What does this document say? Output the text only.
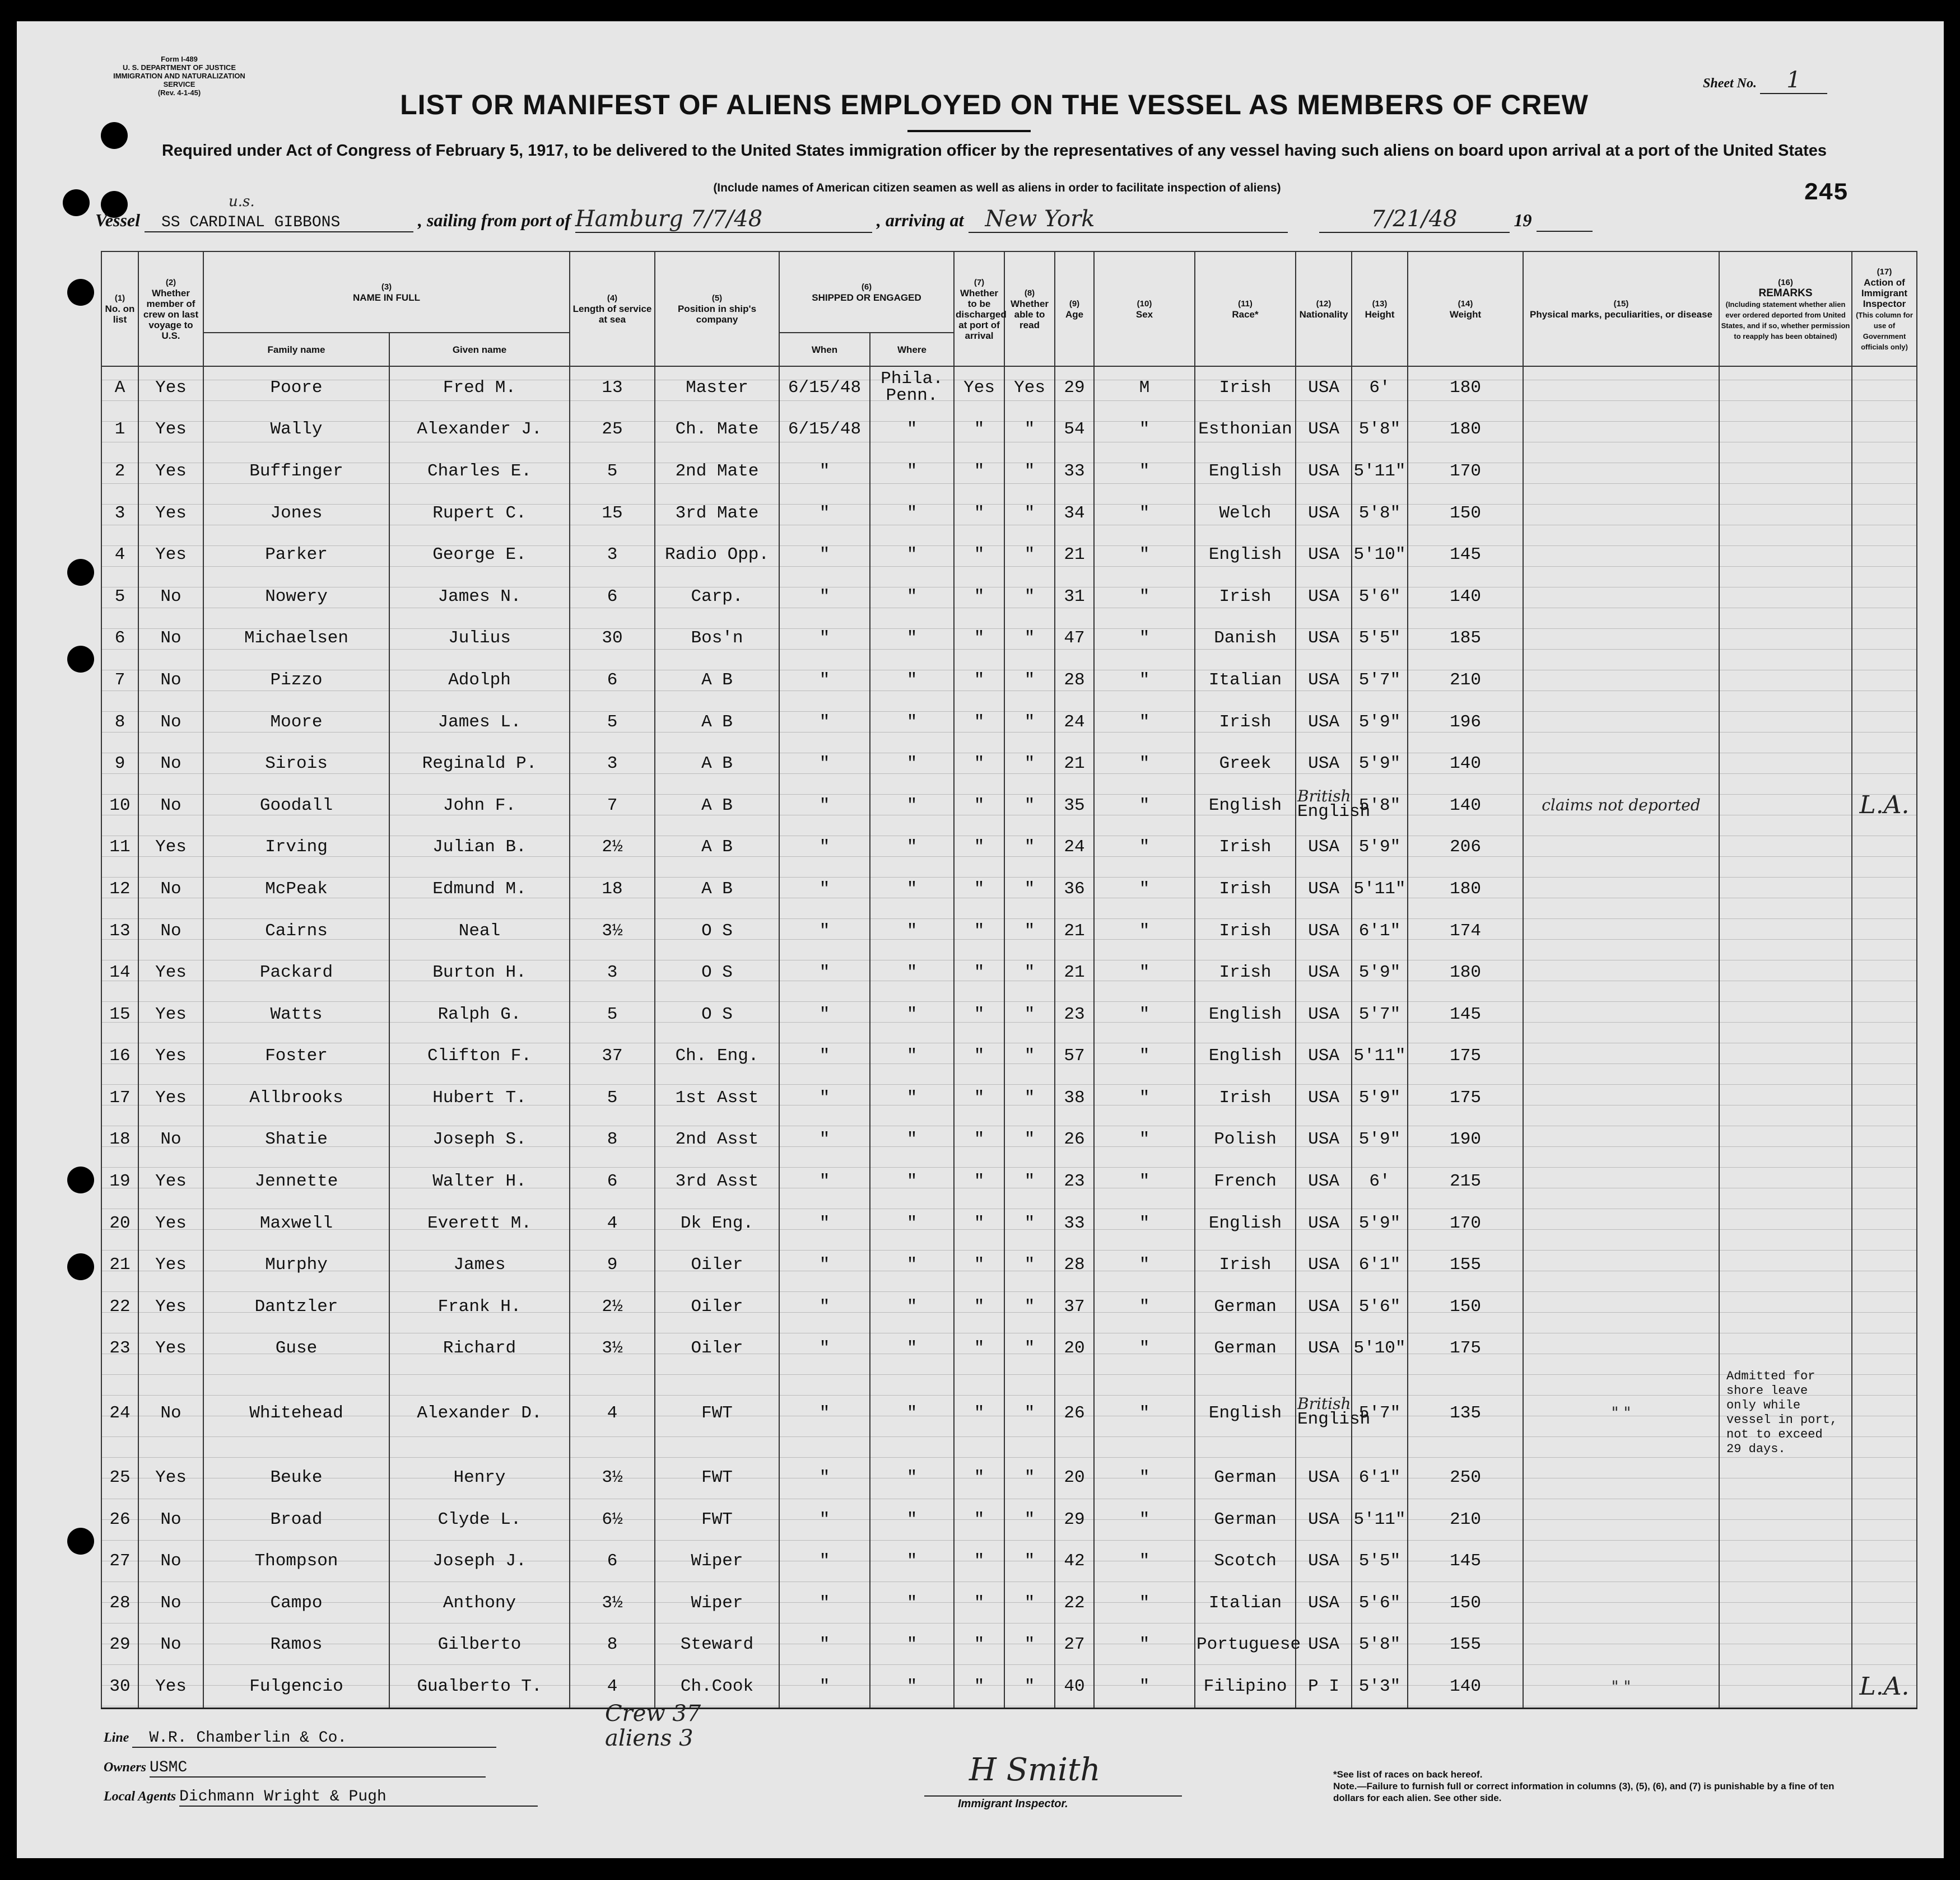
Form I-489
U. S. DEPARTMENT OF JUSTICE
IMMIGRATION AND NATURALIZATION SERVICE
(Rev. 4-1-45)
Sheet No. 1
LIST OR MANIFEST OF ALIENS EMPLOYED ON THE VESSEL AS MEMBERS OF CREW
Required under Act of Congress of February 5, 1917, to be delivered to the United States immigration officer by the representatives of any vessel having such aliens on board upon arrival at a port of the United States
(Include names of American citizen seamen as well as aliens in order to facilitate inspection of aliens)	245
Vessel
u.s.
SS CARDINAL GIBBONS	, sailing from port of Hamburg 7/7/48	, arriving at New York	7/21/48	19
(1)
No. on list	(2)
Whether member of crew on last voyage to U.S.	(3)
NAME IN FULL		(4)
Length of service at sea	(5)
Position in ship's company	(6)
SHIPPED OR ENGAGED		(7)
Whether to be discharged at port of arrival	(8)
Whether able to read	(9)
Age	(10)
Sex	(11)
Race*	(12)
Nationality	(13)
Height	(14)
Weight	(15)
Physical marks, peculiarities, or disease	(16)
REMARKS
(Including statement whether alien ever ordered deported from United States, and if so, whether permission to reapply has been obtained)	(17)
Action of Immigrant Inspector
(This column for use of Government officials only)
		Family name	Given name			When	Where											
A	Yes	Poore	Fred M.	13	Master	6/15/48	Phila. Penn.	Yes	Yes	29	M	Irish	USA	6'	180	

1	Yes	Wally	Alexander J.	25	Ch. Mate	6/15/48	"	"	"	54	"	Esthonian	USA	5'8"	180	

2	Yes	Buffinger	Charles E.	5	2nd Mate	"	"	"	"	33	"	English	USA	5'11"	170	

3	Yes	Jones	Rupert C.	15	3rd Mate	"	"	"	"	34	"	Welch	USA	5'8"	150	

4	Yes	Parker	George E.	3	Radio Opp.	"	"	"	"	21	"	English	USA	5'10"	145	

5	No	Nowery	James N.	6	Carp.	"	"	"	"	31	"	Irish	USA	5'6"	140	

6	No	Michaelsen	Julius	30	Bos'n	"	"	"	"	47	"	Danish	USA	5'5"	185	

7	No	Pizzo	Adolph	6	A B	"	"	"	"	28	"	Italian	USA	5'7"	210	

8	No	Moore	James L.	5	A B	"	"	"	"	24	"	Irish	USA	5'9"	196	

9	No	Sirois	Reginald P.	3	A B	"	"	"	"	21	"	Greek	USA	5'9"	140	

10	No	Goodall	John F.	7	A B	"	"	"	"	35	"	English	British
English	5'8"	140	claims not deported		L.A.

11	Yes	Irving	Julian B.	2½	A B	"	"	"	"	24	"	Irish	USA	5'9"	206	

12	No	McPeak	Edmund M.	18	A B	"	"	"	"	36	"	Irish	USA	5'11"	180	

13	No	Cairns	Neal	3½	O S	"	"	"	"	21	"	Irish	USA	6'1"	174	

14	Yes	Packard	Burton H.	3	O S	"	"	"	"	21	"	Irish	USA	5'9"	180	

15	Yes	Watts	Ralph G.	5	O S	"	"	"	"	23	"	English	USA	5'7"	145	

16	Yes	Foster	Clifton F.	37	Ch. Eng.	"	"	"	"	57	"	English	USA	5'11"	175	

17	Yes	Allbrooks	Hubert T.	5	1st Asst	"	"	"	"	38	"	Irish	USA	5'9"	175	

18	No	Shatie	Joseph S.	8	2nd Asst	"	"	"	"	26	"	Polish	USA	5'9"	190	

19	Yes	Jennette	Walter H.	6	3rd Asst	"	"	"	"	23	"	French	USA	6'	215	

20	Yes	Maxwell	Everett M.	4	Dk Eng.	"	"	"	"	33	"	English	USA	5'9"	170	

21	Yes	Murphy	James	9	Oiler	"	"	"	"	28	"	Irish	USA	6'1"	155	

22	Yes	Dantzler	Frank H.	2½	Oiler	"	"	"	"	37	"	German	USA	5'6"	150	

23	Yes	Guse	Richard	3½	Oiler	"	"	"	"	20	"	German	USA	5'10"	175	

24	No	Whitehead	Alexander D.	4	FWT	"	"	"	"	26	"	English	British
English	5'7"	135	" "	Admitted for shore leave only while vessel in port, not to exceed 29 days.	

25	Yes	Beuke	Henry	3½	FWT	"	"	"	"	20	"	German	USA	6'1"	250	

26	No	Broad	Clyde L.	6½	FWT	"	"	"	"	29	"	German	USA	5'11"	210	

27	No	Thompson	Joseph J.	6	Wiper	"	"	"	"	42	"	Scotch	USA	5'5"	145	

28	No	Campo	Anthony	3½	Wiper	"	"	"	"	22	"	Italian	USA	5'6"	150	

29	No	Ramos	Gilberto	8	Steward	"	"	"	"	27	"	Portuguese	USA	5'8"	155	

30	Yes	Fulgencio	Gualberto T.	4	Ch.Cook	"	"	"	"	40	"	Filipino	P I	5'3"	140	" "		L.A.
Crew 37
aliens 3
Line W.R. Chamberlin & Co.
Owners USMC
Local Agents Dichmann Wright & Pugh
H Smith
Immigrant Inspector.
*See list of races on back hereof.
Note.—Failure to furnish full or correct information in columns (3), (5), (6), and (7) is punishable by a fine of ten dollars for each alien. See other side.
